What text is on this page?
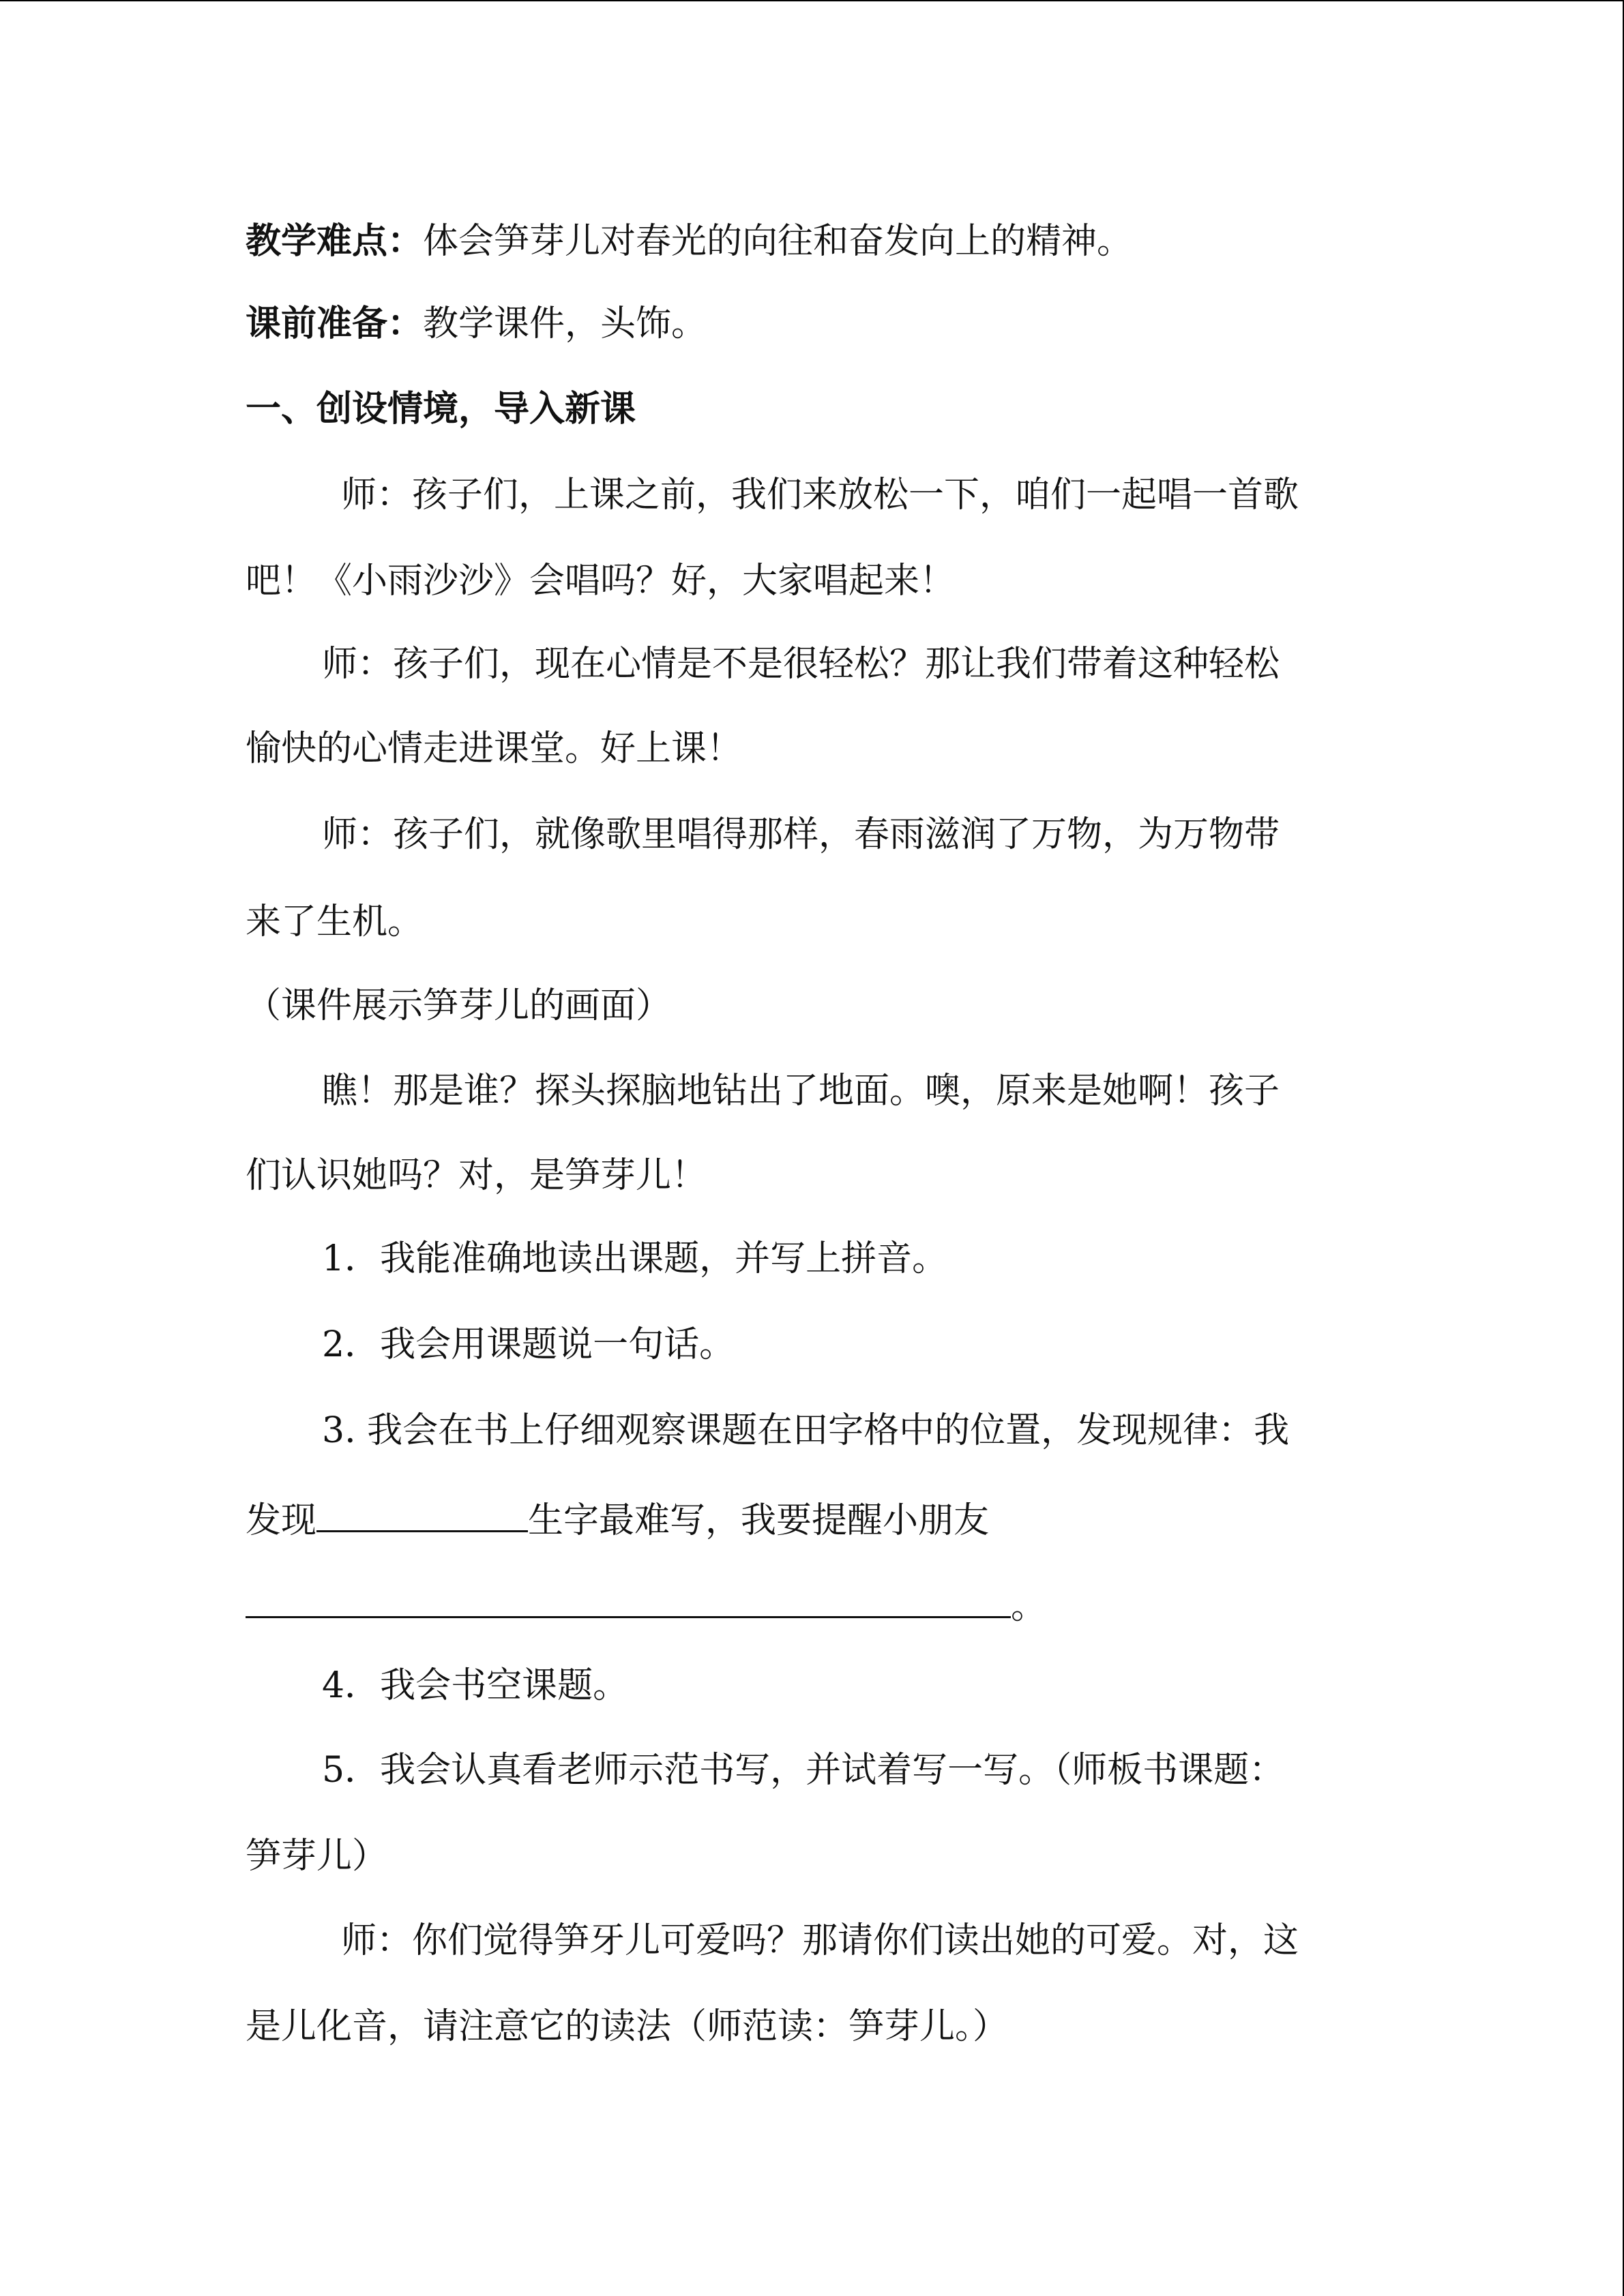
教学难点：体会笋芽儿对春光的向往和奋发向上的精神。
课前准备：教学课件，头饰。
一、创设情境，导入新课
师：孩子们，上课之前，我们来放松一下，咱们一起唱一首歌
吧！《小雨沙沙》会唱吗？好，大家唱起来！
师：孩子们，现在心情是不是很轻松？那让我们带着这种轻松
愉快的心情走进课堂。好上课！
师：孩子们，就像歌里唱得那样，春雨滋润了万物，为万物带
来了生机。
（课件展示笋芽儿的画面）
瞧！那是谁？探头探脑地钻出了地面。噢，原来是她啊！孩子
们认识她吗？对，是笋芽儿！
1．我能准确地读出课题，并写上拼音。
2．我会用课题说一句话。
3. 我会在书上仔细观察课题在田字格中的位置，发现规律：我
发现	生字最难写，我要提醒小朋友
。
4．我会书空课题。
5．我会认真看老师示范书写，并试着写一写。（师板书课题：
笋芽儿）
师：你们觉得笋牙儿可爱吗？那请你们读出她的可爱。对，这
是儿化音，请注意它的读法（师范读：笋芽儿。）
